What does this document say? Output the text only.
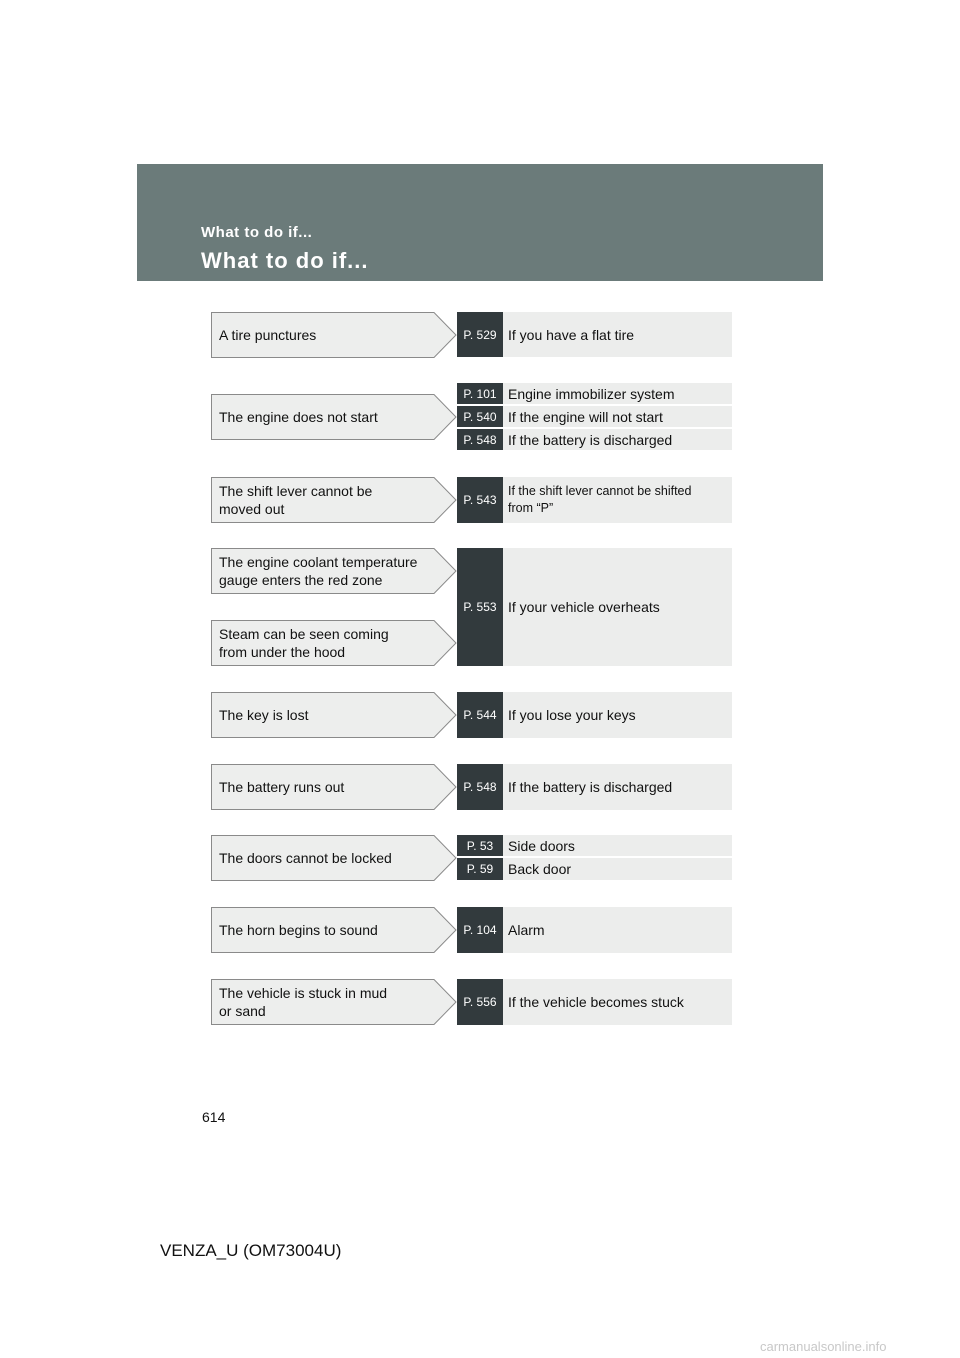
What to do if...
What to do if...
A tire punctures	P. 529 If you have a flat tire
The engine does not start
P. 101 Engine immobilizer system
P. 540 If the engine will not start
P. 548 If the battery is discharged
The shift lever cannot be
moved out
P. 543
If the shift lever cannot be shifted
from “P”
The engine coolant temperature
gauge enters the red zone
Steam can be seen coming
from under the hood
P. 553 If your vehicle overheats
The key is lost	P. 544 If you lose your keys
The battery runs out	P. 548 If the battery is discharged
The doors cannot be locked
P. 53	Side doors
P. 59	Back door
The horn begins to sound	P. 104 Alarm
The vehicle is stuck in mud
or sand
P. 556 If the vehicle becomes stuck
614
VENZA_U (OM73004U)
carmanualsonline.info
